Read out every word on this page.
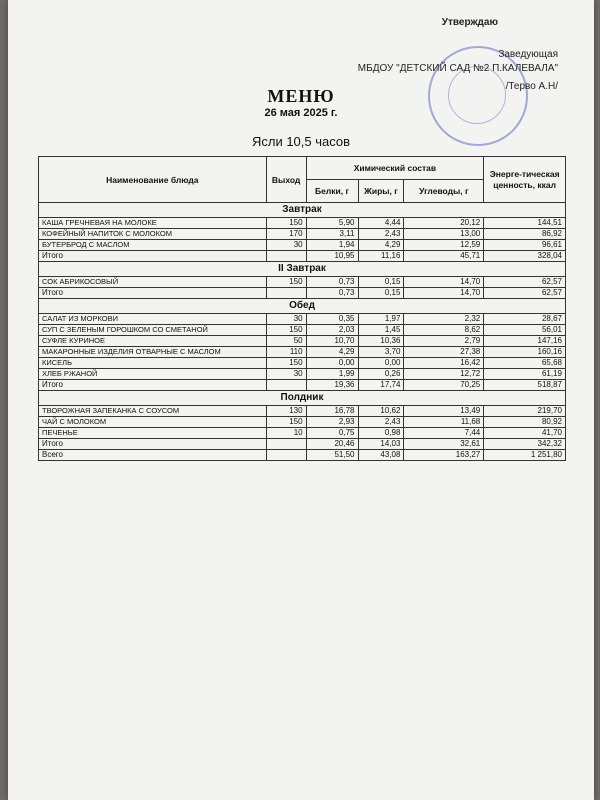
Утверждаю
Заведующая
МБДОУ "ДЕТСКИЙ САД №2 П.КАЛЕВАЛА"
/Терво А.Н/
МЕНЮ
26 мая 2025 г.
Ясли 10,5 часов
Наименование блюда	Выход	Химический состав			Энерге-тическая ценность, ккал
		Белки, г	Жиры, г	Углеводы, г	
Завтрак					
КАША ГРЕЧНЕВАЯ НА МОЛОКЕ	150	5,90	4,44	20,12	144,51
КОФЕЙНЫЙ НАПИТОК С МОЛОКОМ	170	3,11	2,43	13,00	86,92
БУТЕРБРОД С МАСЛОМ	30	1,94	4,29	12,59	96,61
Итого		10,95	11,16	45,71	328,04
II Завтрак					
СОК АБРИКОСОВЫЙ	150	0,73	0,15	14,70	62,57
Итого		0,73	0,15	14,70	62,57
Обед					
САЛАТ ИЗ МОРКОВИ	30	0,35	1,97	2,32	28,67
СУП С ЗЕЛЕНЫМ ГОРОШКОМ СО СМЕТАНОЙ	150	2,03	1,45	8,62	56,01
СУФЛЕ КУРИНОЕ	50	10,70	10,36	2,79	147,16
МАКАРОННЫЕ ИЗДЕЛИЯ ОТВАРНЫЕ С МАСЛОМ	110	4,29	3,70	27,38	160,16
КИСЕЛЬ	150	0,00	0,00	16,42	65,68
ХЛЕБ РЖАНОЙ	30	1,99	0,26	12,72	61,19
Итого		19,36	17,74	70,25	518,87
Полдник					
ТВОРОЖНАЯ ЗАПЕКАНКА С СОУСОМ	130	16,78	10,62	13,49	219,70
ЧАЙ С МОЛОКОМ	150	2,93	2,43	11,68	80,92
ПЕЧЕНЬЕ	10	0,75	0,98	7,44	41,70
Итого		20,46	14,03	32,61	342,32
Всего		51,50	43,08	163,27	1 251,80
